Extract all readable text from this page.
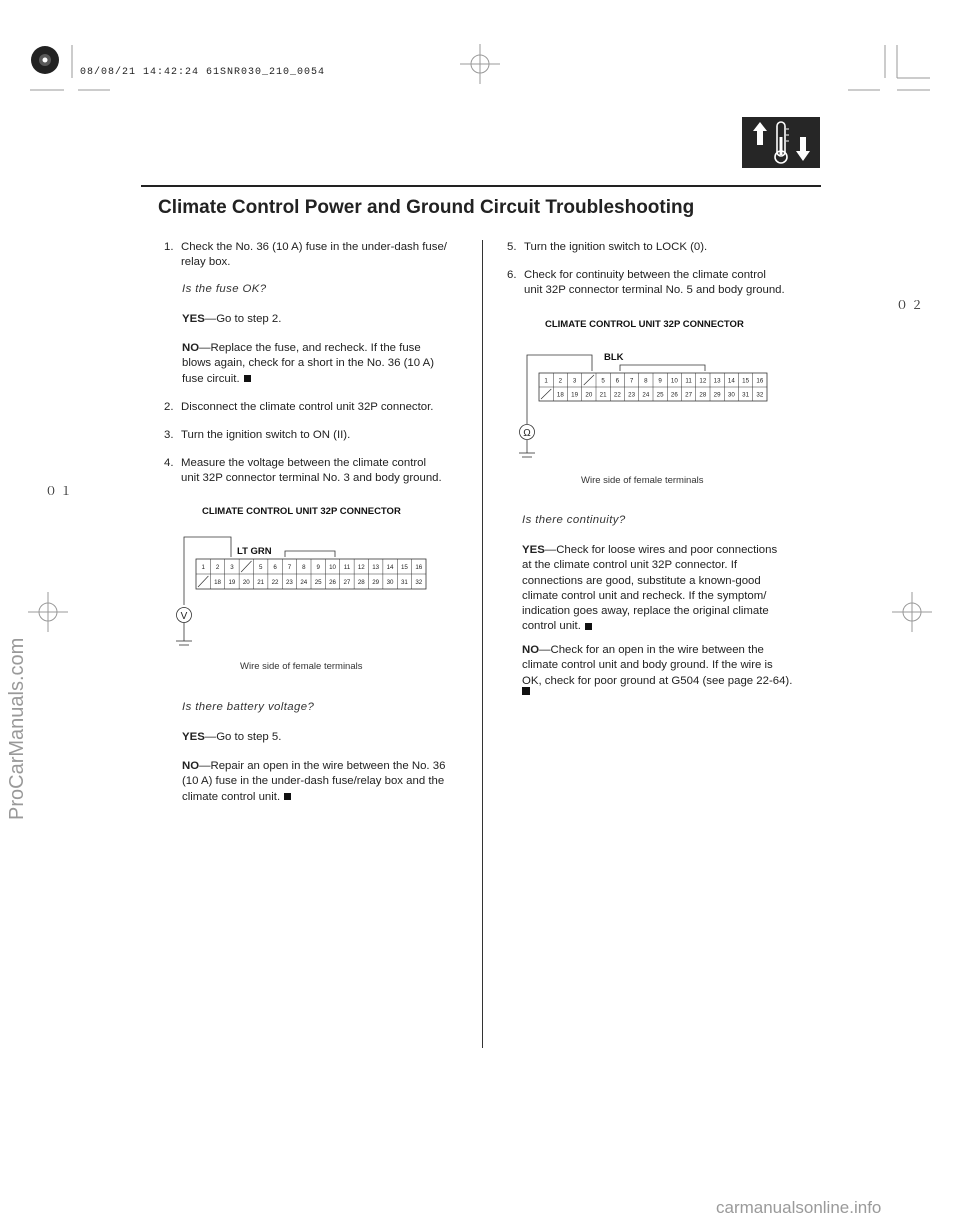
08/08/21 14:42:24 61SNR030_210_0054
Climate Control Power and Ground Circuit Troubleshooting
1. Check the No. 36 (10 A) fuse in the under-dash fuse/
relay box.
Is the fuse OK?
YES—Go to step 2.
NO—Replace the fuse, and recheck. If the fuse
blows again, check for a short in the No. 36 (10 A)
fuse circuit.
2. Disconnect the climate control unit 32P connector.
3. Turn the ignition switch to ON (II).
4. Measure the voltage between the climate control
unit 32P connector terminal No. 3 and body ground.
CLIMATE CONTROL UNIT 32P CONNECTOR
LT GRN
V
1 2 3	5 6 7 8 9 10 11 12 13 14 15 16
18 19 20 21 22 23 24 25 26 27 28 29 30 31 32
Wire side of female terminals
Is there battery voltage?
YES—Go to step 5.
NO—Repair an open in the wire between the No. 36
(10 A) fuse in the under-dash fuse/relay box and the
climate control unit.
5. Turn the ignition switch to LOCK (0).
6. Check for continuity between the climate control
unit 32P connector terminal No. 5 and body ground.
CLIMATE CONTROL UNIT 32P CONNECTOR
BLK
Ω
1 2 3	5 6 7 8 9 10 11 12 13 14 15 16
18 19 20 21 22 23 24 25 26 27 28 29 30 31 32
Wire side of female terminals
Is there continuity?
YES—Check for loose wires and poor connections
at the climate control unit 32P connector. If
connections are good, substitute a known-good
climate control unit and recheck. If the symptom/
indication goes away, replace the original climate
control unit.
NO—Check for an open in the wire between the
climate control unit and body ground. If the wire is
OK, check for poor ground at G504 (see page 22-64).
０２
０１
ProCarManuals.com
carmanualsonline.info
